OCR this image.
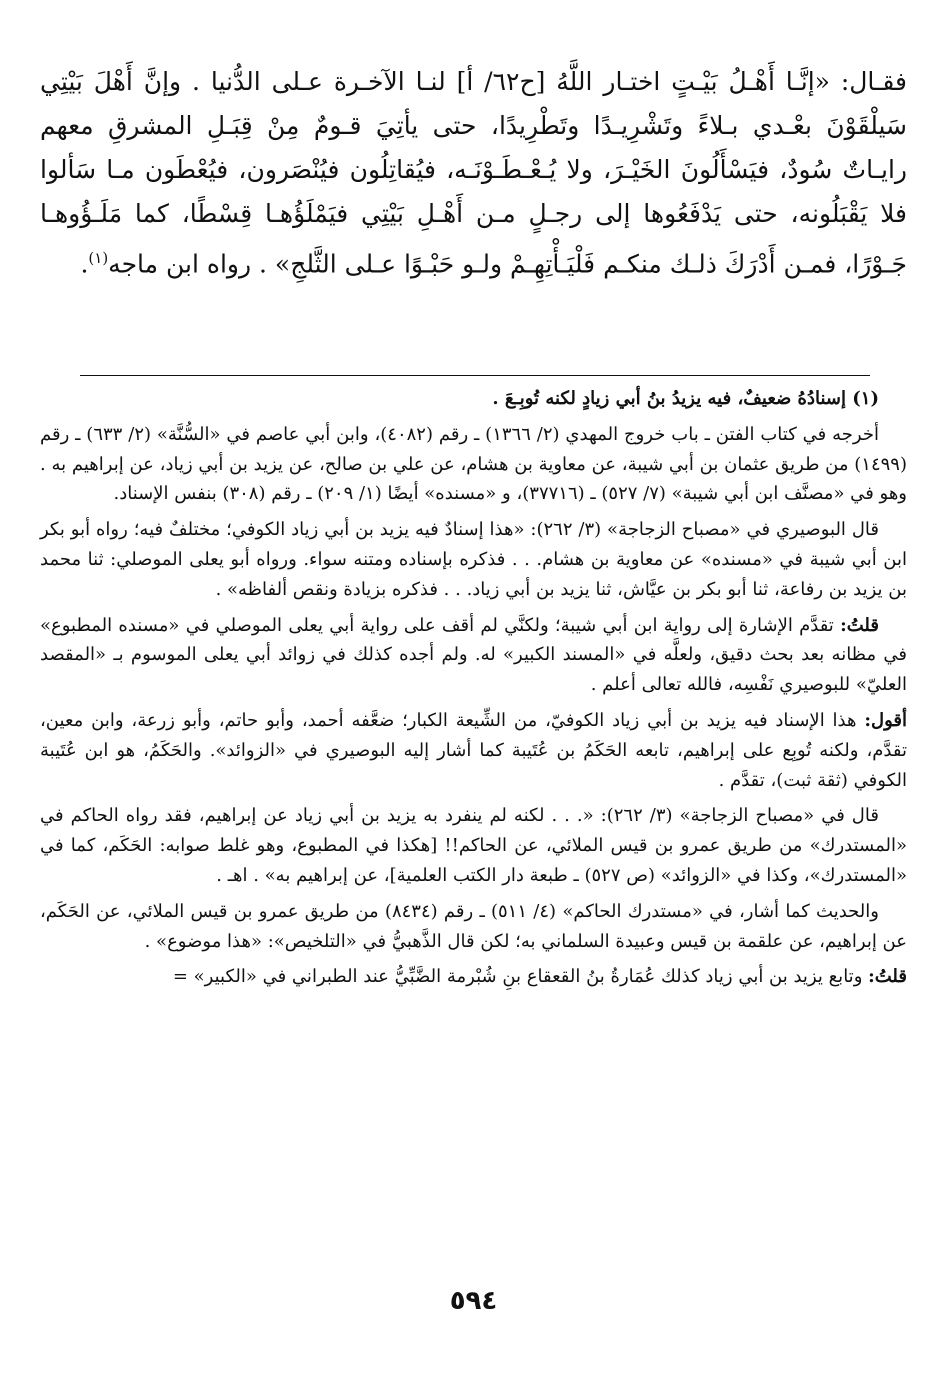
فقـال: «إنَّـا أَهْـلُ بَيْـتٍ اختـار اللَّهُ [ح٦٢/ أ] لنـا الآخـرة عـلى الدُّنيا . وإنَّ أَهْلَ بَيْتِي سَيلْقَوْنَ بعْـدي بـلاءً وتَشْرِيـدًا وتَطْرِيدًا، حتى يأتِيَ قـومٌ مِنْ قِبَـلِ المشرقِ معهم رايـاتٌ سُودٌ، فيَسْأَلُونَ الخَيْـرَ، ولا يُـعْـطَـوْنَـه، فيُقاتِلُون فيُنْصَرون، فيُعْطَون مـا سَألوا فلا يَقْبَلُونه، حتى يَدْفَعُوها إلى رجـلٍ مـن أَهْـلِ بَيْتِي فيَمْلَؤُهـا قِسْطًا، كما مَلَـؤُوهـا جَـوْرًا، فمـن أَدْرَكَ ذلـك منكـم فَلْيَـأْتِهِـمْ ولـو حَبْـوًا عـلى الثَّلجِ» . رواه ابن ماجه$^{(١)}$.

(١) إسنادُهُ ضعيفٌ، فيه يزيدُ بنُ أبي زيادٍ لكنه تُوبِـعَ .

أخرجه في كتاب الفتن ـ باب خروج المهدي (٢/ ١٣٦٦) ـ رقم (٤٠٨٢)، وابن أبي عاصم في «السُّنَّة» (٢/ ٦٣٣) ـ رقم (١٤٩٩) من طريق عثمان بن أبي شيبة، عن معاوية بن هشام، عن علي بن صالح، عن يزيد بن أبي زياد، عن إبراهيم به . وهو في «مصنَّف ابن أبي شيبة» (٧/ ٥٢٧) ـ (٣٧٧١٦)، و «مسنده» أيضًا (١/ ٢٠٩) ـ رقم (٣٠٨) بنفس الإسناد.

قال البوصيري في «مصباح الزجاجة» (٣/ ٢٦٢): «هذا إسنادٌ فيه يزيد بن أبي زياد الكوفي؛ مختلفٌ فيه؛ رواه أبو بكر ابن أبي شيبة في «مسنده» عن معاوية بن هشام. . . فذكره بإسناده ومتنه سواء. ورواه أبو يعلى الموصلي: ثنا محمد بن يزيد بن رفاعة، ثنا أبو بكر بن عيَّاش، ثنا يزيد بن أبي زياد. . . فذكره بزيادة ونقص ألفاظه» .

قلتُ: تقدَّم الإشارة إلى رواية ابن أبي شيبة؛ ولكنَّي لم أقف على رواية أبي يعلى الموصلي في «مسنده المطبوع» في مظانه بعد بحث دقيق، ولعلَّه في «المسند الكبير» له. ولم أجده كذلك في زوائد أبي يعلى الموسوم بـ «المقصد العليّ» للبوصيري نَفْسِه، فالله تعالى أعلم .

أقول: هذا الإسناد فيه يزيد بن أبي زياد الكوفيّ، من الشِّيعة الكبار؛ ضعَّفه أحمد، وأبو حاتم، وأبو زرعة، وابن معين، تقدَّم، ولكنه تُوبِع على إبراهيم، تابعه الحَكَمُ بن عُتَيبة كما أشار إليه البوصيري في «الزوائد». والحَكَمُ، هو ابن عُتَيبة الكوفي (ثقة ثبت)، تقدَّم .

قال في «مصباح الزجاجة» (٣/ ٢٦٢): «. . . لكنه لم ينفرد به يزيد بن أبي زياد عن إبراهيم، فقد رواه الحاكم في «المستدرك» من طريق عمرو بن قيس الملائي، عن الحاكم!! [هكذا في المطبوع، وهو غلط صوابه: الحَكَم، كما في «المستدرك»، وكذا في «الزوائد» (ص ٥٢٧) ـ طبعة دار الكتب العلمية]، عن إبراهيم به» . اهـ .

والحديث كما أشار، في «مستدرك الحاكم» (٤/ ٥١١) ـ رقم (٨٤٣٤) من طريق عمرو بن قيس الملائي، عن الحَكَم، عن إبراهيم، عن علقمة بن قيس وعبيدة السلماني به؛ لكن قال الذَّهبيُّ في «التلخيص»: «هذا موضوع» .

قلتُ: وتابع يزيد بن أبي زياد كذلك عُمَارةُ بنُ القعقاع بنِ شُبْرمة الضَّبِّيُّ عند الطبراني في «الكبير» =

٥٩٤
